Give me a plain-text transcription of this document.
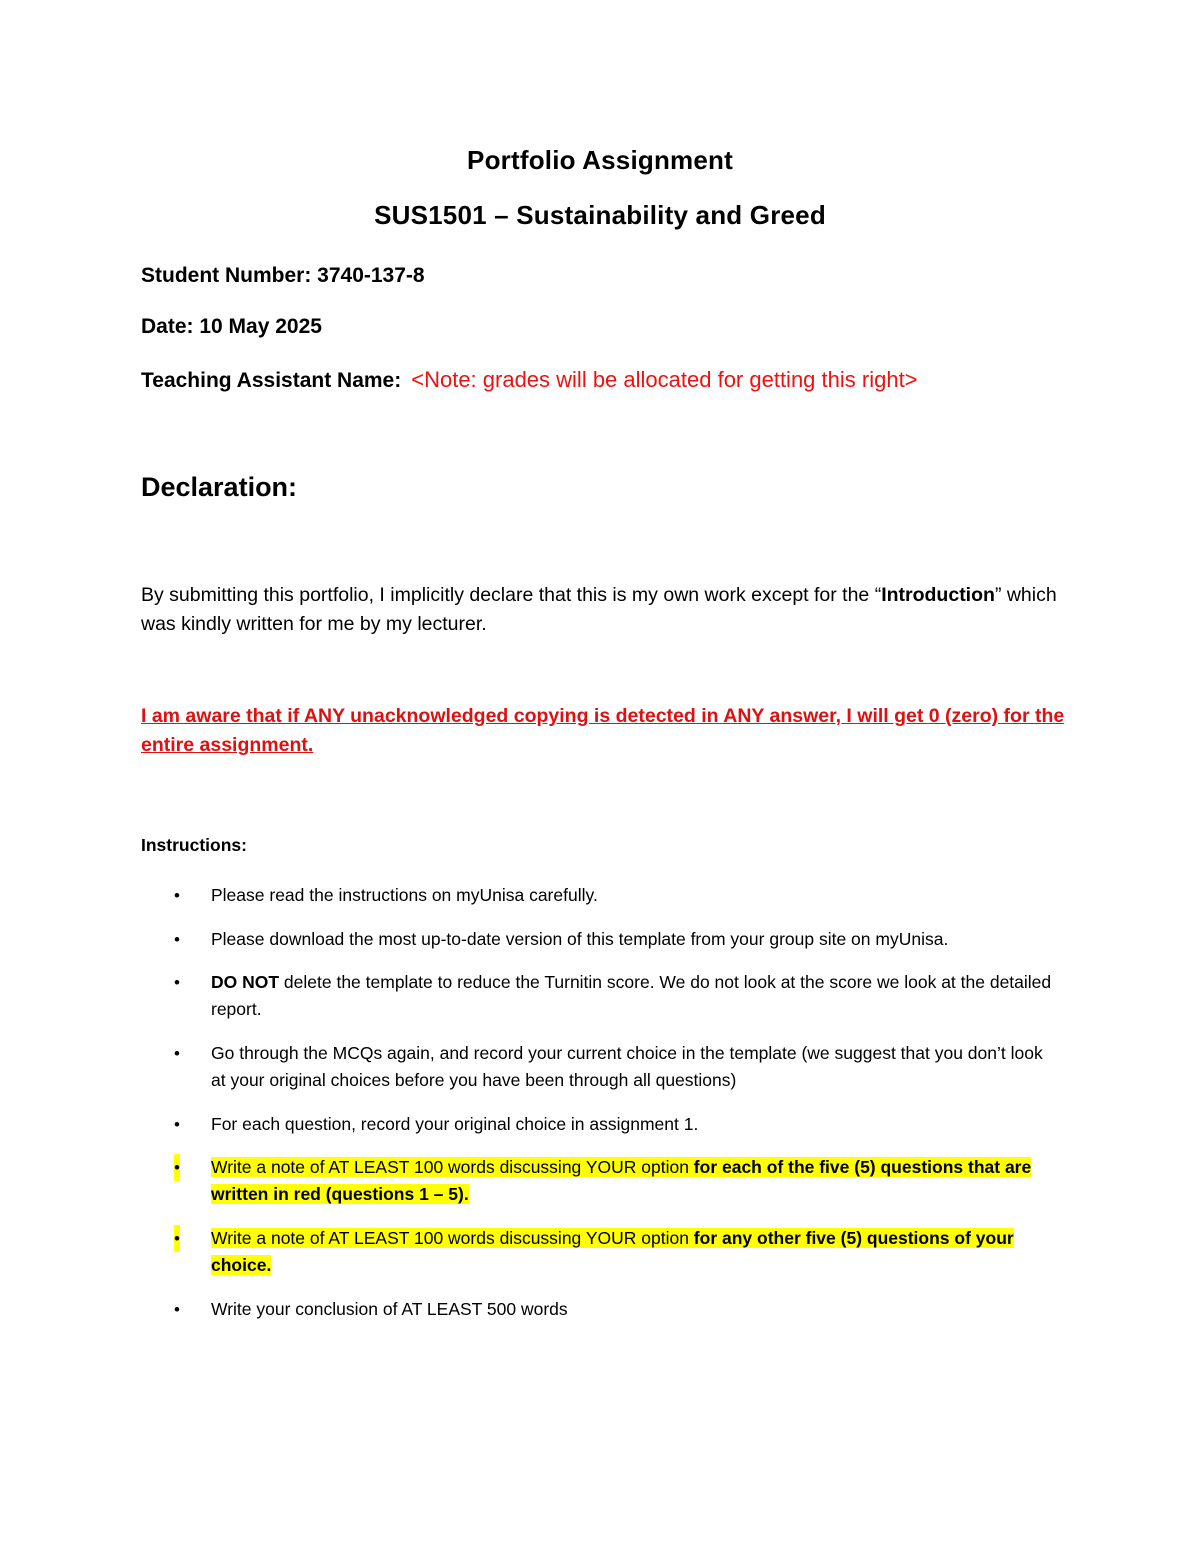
Portfolio Assignment
SUS1501 – Sustainability and Greed
Student Number: 3740-137-8
Date: 10 May 2025
Teaching Assistant Name: <Note: grades will be allocated for getting this right>
Declaration:
By submitting this portfolio, I implicitly declare that this is my own work except for the “Introduction” which was kindly written for me by my lecturer.
I am aware that if ANY unacknowledged copying is detected in ANY answer, I will get 0 (zero) for the entire assignment.
Instructions:
• Please read the instructions on myUnisa carefully.
• Please download the most up-to-date version of this template from your group site on myUnisa.
• DO NOT delete the template to reduce the Turnitin score. We do not look at the score we look at the detailed report.
• Go through the MCQs again, and record your current choice in the template (we suggest that you don’t look at your original choices before you have been through all questions)
• For each question, record your original choice in assignment 1.
• Write a note of AT LEAST 100 words discussing YOUR option for each of the five (5) questions that are written in red (questions 1 – 5).
• Write a note of AT LEAST 100 words discussing YOUR option for any other five (5) questions of your choice.
• Write your conclusion of AT LEAST 500 words
